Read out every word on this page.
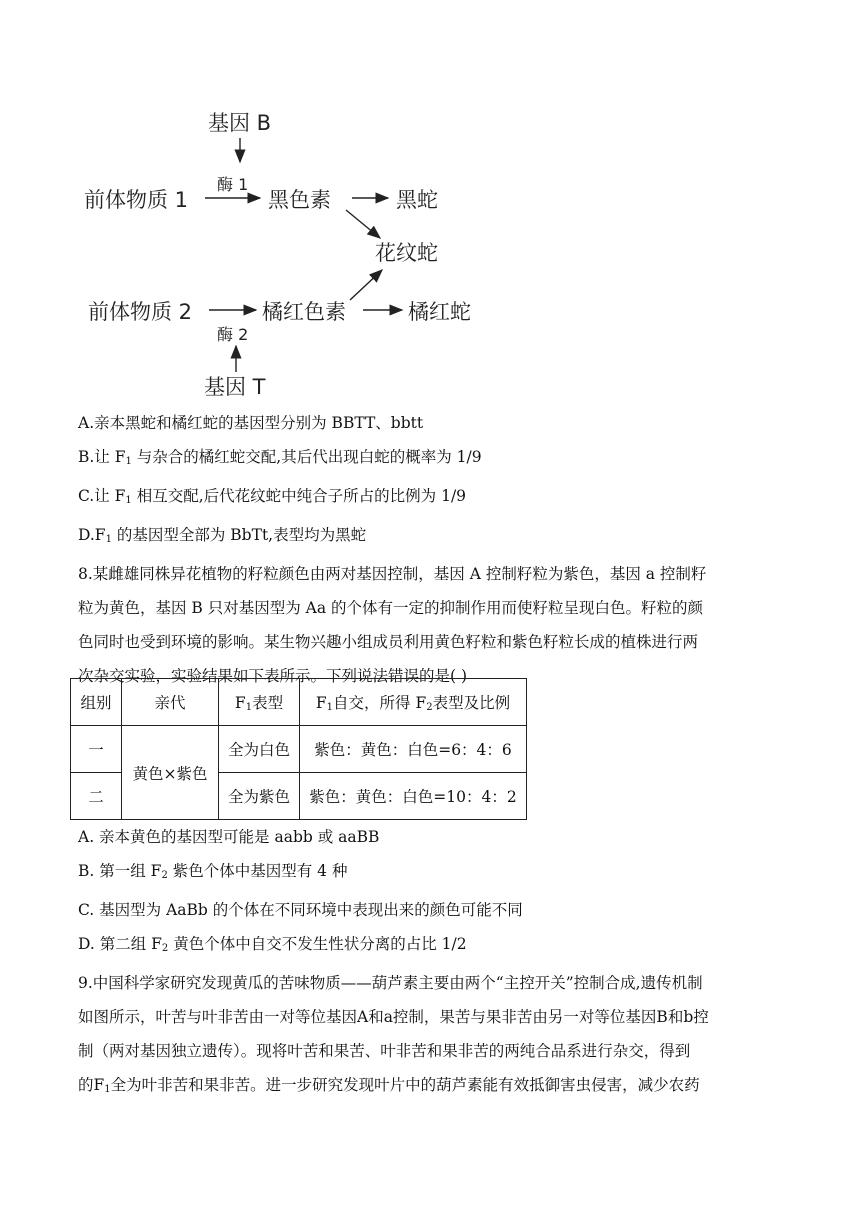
基因 B
酶 1
前体物质 1	黑色素	黑蛇
花纹蛇
前体物质 2	橘红色素	橘红蛇
酶 2
基因 T
A.亲本黑蛇和橘红蛇的基因型分别为 BBTT、bbtt
B.让 $F_1$ 与杂合的橘红蛇交配,其后代出现白蛇的概率为 1/9
C.让 $F_1$ 相互交配,后代花纹蛇中纯合子所占的比例为 1/9
$D.F_1$ 的基因型全部为 BbTt,表型均为黑蛇
8.某雌雄同株异花植物的籽粒颜色由两对基因控制，基因 A 控制籽粒为紫色，基因 a 控制籽
粒为黄色，基因 B 只对基因型为 Aa 的个体有一定的抑制作用而使籽粒呈现白色。籽粒的颜
色同时也受到环境的影响。某生物兴趣小组成员利用黄色籽粒和紫色籽粒长成的植株进行两
次杂交实验，实验结果如下表所示。下列说法错误的是( )
组别	亲代	$F_1$表型	$F_1$自交，所得 $F_2$表型及比例
一	黄色×紫色	全为白色	紫色：黄色：白色=6：4：6
二		全为紫色	紫色：黄色：白色=10：4：2
A. 亲本黄色的基因型可能是 aabb 或 aaBB
B. 第一组 $F_2$ 紫色个体中基因型有 4 种
C. 基因型为 AaBb 的个体在不同环境中表现出来的颜色可能不同
D. 第二组 $F_2$ 黄色个体中自交不发生性状分离的占比 1/2
9.中国科学家研究发现黄瓜的苦味物质——葫芦素主要由两个“主控开关”控制合成,遗传机制
如图所示，叶苦与叶非苦由一对等位基因A和a控制，果苦与果非苦由另一对等位基因B和b控
制（两对基因独立遗传）。现将叶苦和果苦、叶非苦和果非苦的两纯合品系进行杂交，得到
的$F_1$全为叶非苦和果非苦。进一步研究发现叶片中的葫芦素能有效抵御害虫侵害，减少农药
